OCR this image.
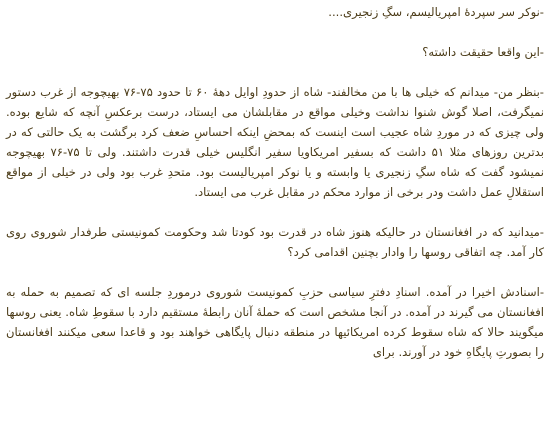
-نوکر سر سپردهٔ امپریالیسم، سگِ زنجیری....

-این واقعا حقیقت داشته؟

-بنظر من- میدانم که خیلی ها با من مخالفند- شاه از حدودِ اوایل دههٔ ۶۰ تا حدود ۷۵-۷۶ بهیچوجه از غرب دستور نمیگرفت، اصلا گوش شنوا نداشت وخیلی مواقع در مقابلشان می ایستاد، درست برعکسِ آنچه که شایع بوده. ولی چیزی که در موردِ شاه عجیب است اینست که بمحضِ اینکه احساسِ ضعف کرد برگشت به یک حالتی که در بدترین روزهای مثلا ۵۱ داشت که بسفیر امریکاویا سفیر انگلیس خیلی قدرت داشتند. ولی تا ۷۵-۷۶ بهیچوجه نمیشود گفت که شاه سگِ زنجیری یا وابسته و یا نوکر امپریالیست بود. متحدِ غرب بود ولی در خیلی از مواقع استقلالِ عمل داشت ودر برخی از موارد محکم در مقابل غرب می ایستاد.

-میدانید که در افغانستان در حالیکه هنوز شاه در قدرت بود کودتا شد وحکومت کمونیستی طرفدار شوروی روی کار آمد. چه اتفاقی روسها را وادار بچنین اقدامی کرد؟

-اسنادش اخیرا در آمده. اسنادِ دفترِ سیاسی حزبِ کمونیست شوروی درموردِ جلسه ای که تصمیم به حمله به افغانستان می گیرند در آمده. در آنجا مشخص است که حملهٔ آنان رابطهٔ مستقیم دارد با سقوطِ شاه. یعنی روسها میگویند حالا که شاه سقوط کرده امریکائیها در منطقه دنبال پایگاهی خواهند بود و قاعدا سعی میکنند افغانستان را بصورتِ پایگاهِ خود در آورند. برای
